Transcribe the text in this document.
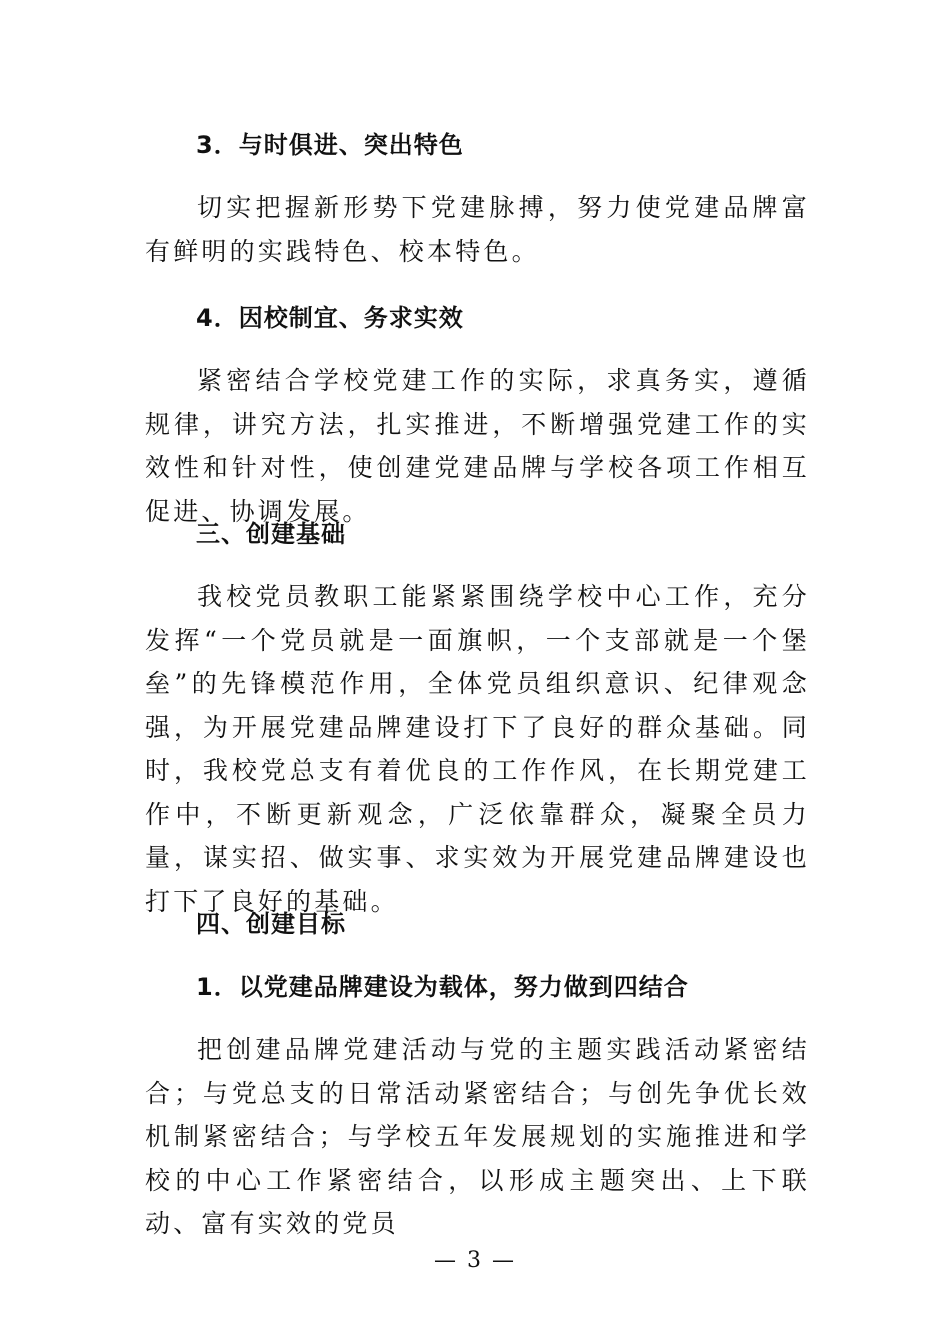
3．与时俱进、突出特色
切实把握新形势下党建脉搏，努力使党建品牌富有鲜明的实践特色、校本特色。
4．因校制宜、务求实效
紧密结合学校党建工作的实际，求真务实，遵循规律，讲究方法，扎实推进，不断增强党建工作的实效性和针对性，使创建党建品牌与学校各项工作相互促进、协调发展。
三、创建基础
我校党员教职工能紧紧围绕学校中心工作，充分发挥“一个党员就是一面旗帜，一个支部就是一个堡垒”的先锋模范作用，全体党员组织意识、纪律观念强，为开展党建品牌建设打下了良好的群众基础。同时，我校党总支有着优良的工作作风，在长期党建工作中，不断更新观念，广泛依靠群众，凝聚全员力量，谋实招、做实事、求实效为开展党建品牌建设也打下了良好的基础。
四、创建目标
1．以党建品牌建设为载体，努力做到四结合
把创建品牌党建活动与党的主题实践活动紧密结合；与党总支的日常活动紧密结合；与创先争优长效机制紧密结合；与学校五年发展规划的实施推进和学校的中心工作紧密结合，以形成主题突出、上下联动、富有实效的党员
— 3 —
